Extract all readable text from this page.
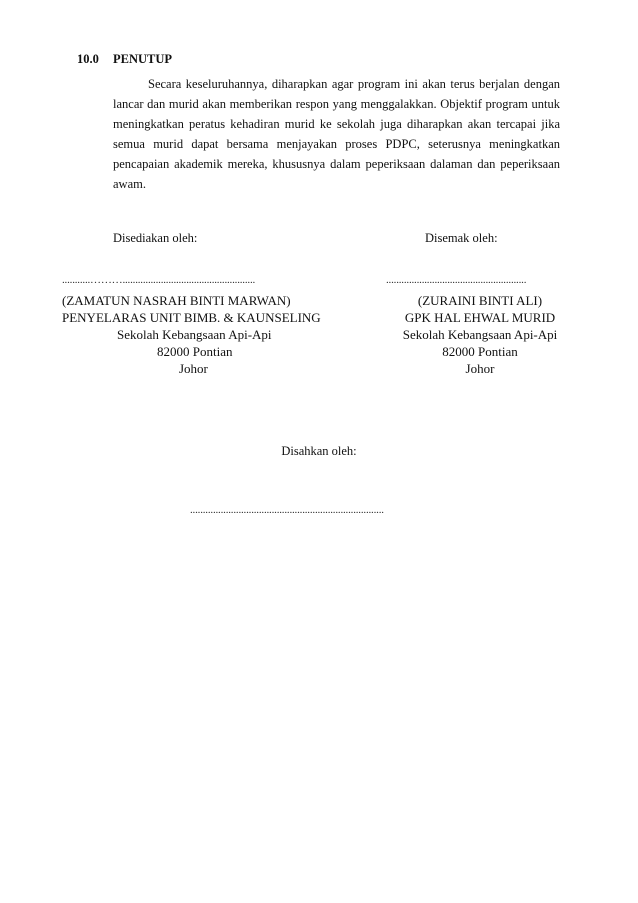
10.0 PENUTUP
Secara keseluruhannya, diharapkan agar program ini akan terus berjalan dengan
lancar dan murid akan memberikan respon yang menggalakkan. Objektif program untuk
meningkatkan peratus kehadiran murid ke sekolah juga diharapkan akan tercapai jika
semua murid dapat bersama menjayakan proses PDPC, seterusnya meningkatkan
pencapaian akademik mereka, khususnya dalam peperiksaan dalaman dan peperiksaan
awam.
Disediakan oleh:	Disemak oleh:
...........………....................................................	.......................................................
(ZAMATUN NASRAH BINTI MARWAN)
PENYELARAS UNIT BIMB. & KAUNSELING
Sekolah Kebangsaan Api-Api
82000 Pontian
Johor
(ZURAINI BINTI ALI)
GPK HAL EHWAL MURID
Sekolah Kebangsaan Api-Api
82000 Pontian
Johor
Disahkan oleh:
............................................................................
